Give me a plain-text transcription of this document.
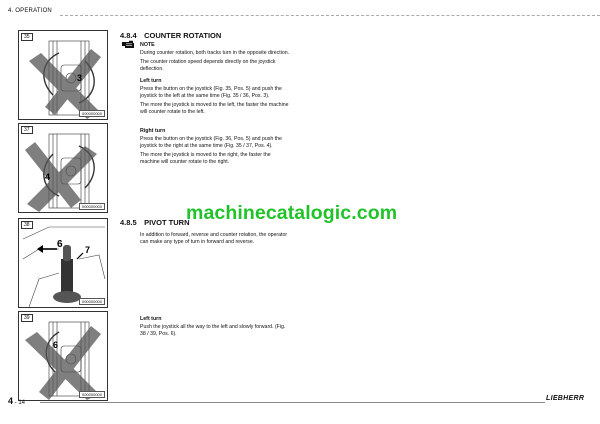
4. OPERATION
35
3
000000000
37
4
000000000
38
6 7
000000000
39
6
000000000
4.8.4 COUNTER ROTATION
NOTE

During counter rotation, both tracks turn in the opposite direction.

The counter rotation speed depends directly on the joystick deflection.

Left turn

Press the button on the joystick (Fig. 35, Pos. 5) and push the joystick to the left at the same time (Fig. 35 / 36, Pos. 3).

The more the joystick is moved to the left, the faster the machine will counter rotate to the left.

Right turn

Press the button on the joystick (Fig. 36, Pos. 5) and push the joystick to the right at the same time (Fig. 35 / 37, Pos. 4).

The more the joystick is moved to the right, the faster the machine will counter rotate to the right.

machinecatalogic.com
4.8.5 PIVOT TURN

In addition to forward, reverse and counter rotation, the operator can make any type of turn in forward and reverse.

Left turn

Push the joystick all the way to the left and slowly forward. (Fig. 38 / 39, Pos. 6).

4 - 14
LIEBHERR
